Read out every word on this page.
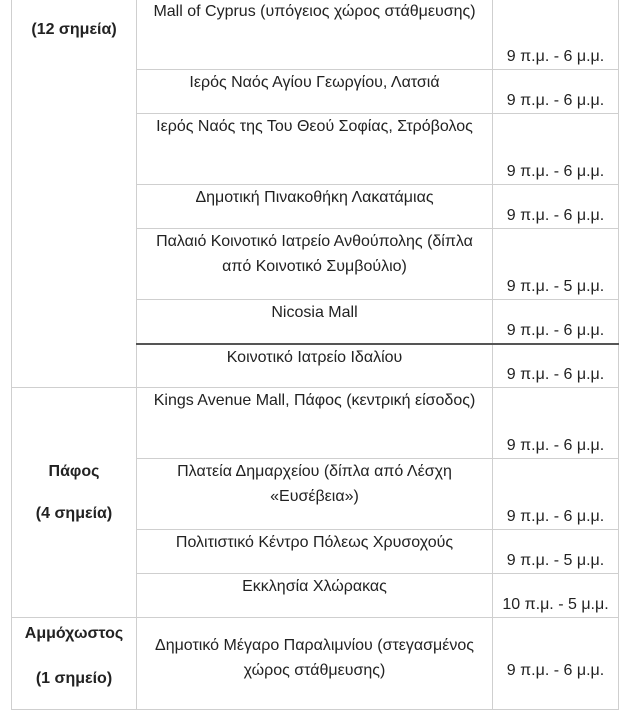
(12 σημεία)	Mall of Cyprus (υπόγειος χώρος στάθμευσης)	9 π.μ. - 6 μ.μ.
	Ιερός Ναός Αγίου Γεωργίου, Λατσιά	9 π.μ. - 6 μ.μ.
	Ιερός Ναός της Του Θεού Σοφίας, Στρόβολος	9 π.μ. - 6 μ.μ.
	Δημοτική Πινακοθήκη Λακατάμιας	9 π.μ. - 6 μ.μ.
	Παλαιό Κοινοτικό Ιατρείο Ανθούπολης (δίπλα από Κοινοτικό Συμβούλιο)	9 π.μ. - 5 μ.μ.
	Nicosia Mall	9 π.μ. - 6 μ.μ.
	Κοινοτικό Ιατρείο Ιδαλίου	9 π.μ. - 6 μ.μ.

Πάφος
(4 σημεία)	Kings Avenue Mall, Πάφος (κεντρική είσοδος)	9 π.μ. - 6 μ.μ.
	Πλατεία Δημαρχείου (δίπλα από Λέσχη «Ευσέβεια»)	9 π.μ. - 6 μ.μ.
	Πολιτιστικό Κέντρο Πόλεως Χρυσοχούς	9 π.μ. - 5 μ.μ.
	Εκκλησία Χλώρακας	10 π.μ. - 5 μ.μ.

Αμμόχωστος
(1 σημείο)	Δημοτικό Μέγαρο Παραλιμνίου (στεγασμένος χώρος στάθμευσης)	9 π.μ. - 6 μ.μ.
